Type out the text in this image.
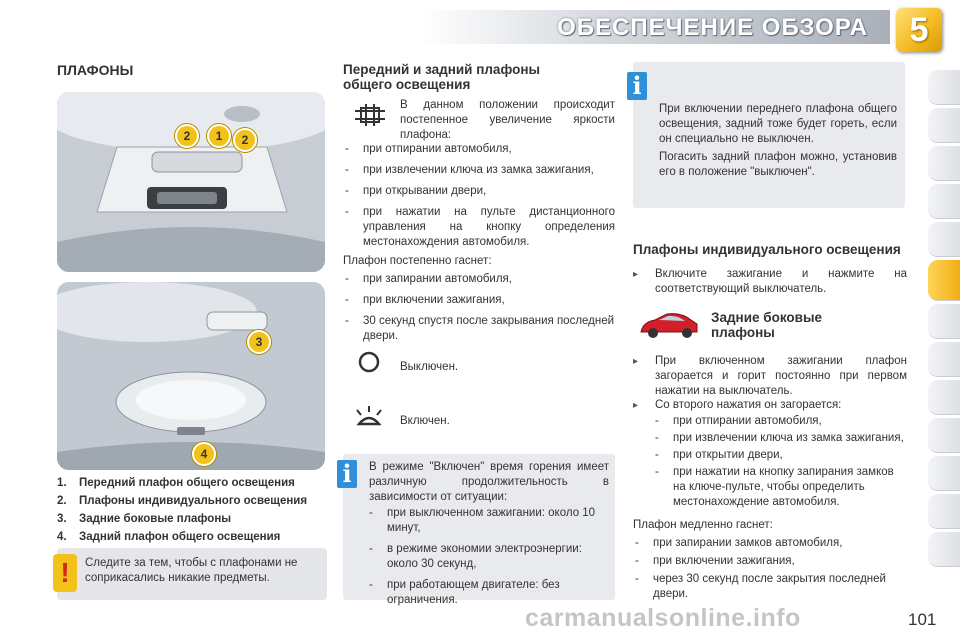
ОБЕСПЕЧЕНИЕ ОБЗОРА	5
ПЛАФОНЫ
2	1	2
3
4
1. Передний плафон общего освещения
2. Плафоны индивидуального освещения
3. Задние боковые плафоны
4. Задний плафон общего освещения
!	Следите за тем, чтобы с плафонами не соприкасались никакие предметы.
Передний и задний плафоны общего освещения
В данном положении происходит постепенное увеличение яркости плафона:
- при отпирании автомобиля,
- при извлечении ключа из замка зажигания,
- при открывании двери,
- при нажатии на пульте дистанционного управления на кнопку определения местонахождения автомобиля.
Плафон постепенно гаснет:
- при запирании автомобиля,
- при включении зажигания,
- 30 секунд спустя после закрывания последней двери.
Выключен.
Включен.
i	В режиме "Включен" время горения имеет различную продолжительность в зависимости от ситуации:
- при выключенном зажигании: около 10 минут,
- в режиме экономии электроэнергии: около 30 секунд,
- при работающем двигателе: без ограничения.
i
При включении переднего плафона общего освещения, задний тоже будет гореть, если он специально не выключен.
Погасить задний плафон можно, установив его в положение "выключен".
Плафоны индивидуального освещения
▸ Включите зажигание и нажмите на соответствующий выключатель.
Задние боковые плафоны
▸ При включенном зажигании плафон загорается и горит постоянно при первом нажатии на выключатель.
▸ Со второго нажатия он загорается:
- при отпирании автомобиля,
- при извлечении ключа из замка зажигания,
- при открытии двери,
- при нажатии на кнопку запирания замков на ключе-пульте, чтобы определить местонахождение автомобиля.
Плафон медленно гаснет:
- при запирании замков автомобиля,
- при включении зажигания,
- через 30 секунд после закрытия последней двери.
101
carmanualsonline.info
